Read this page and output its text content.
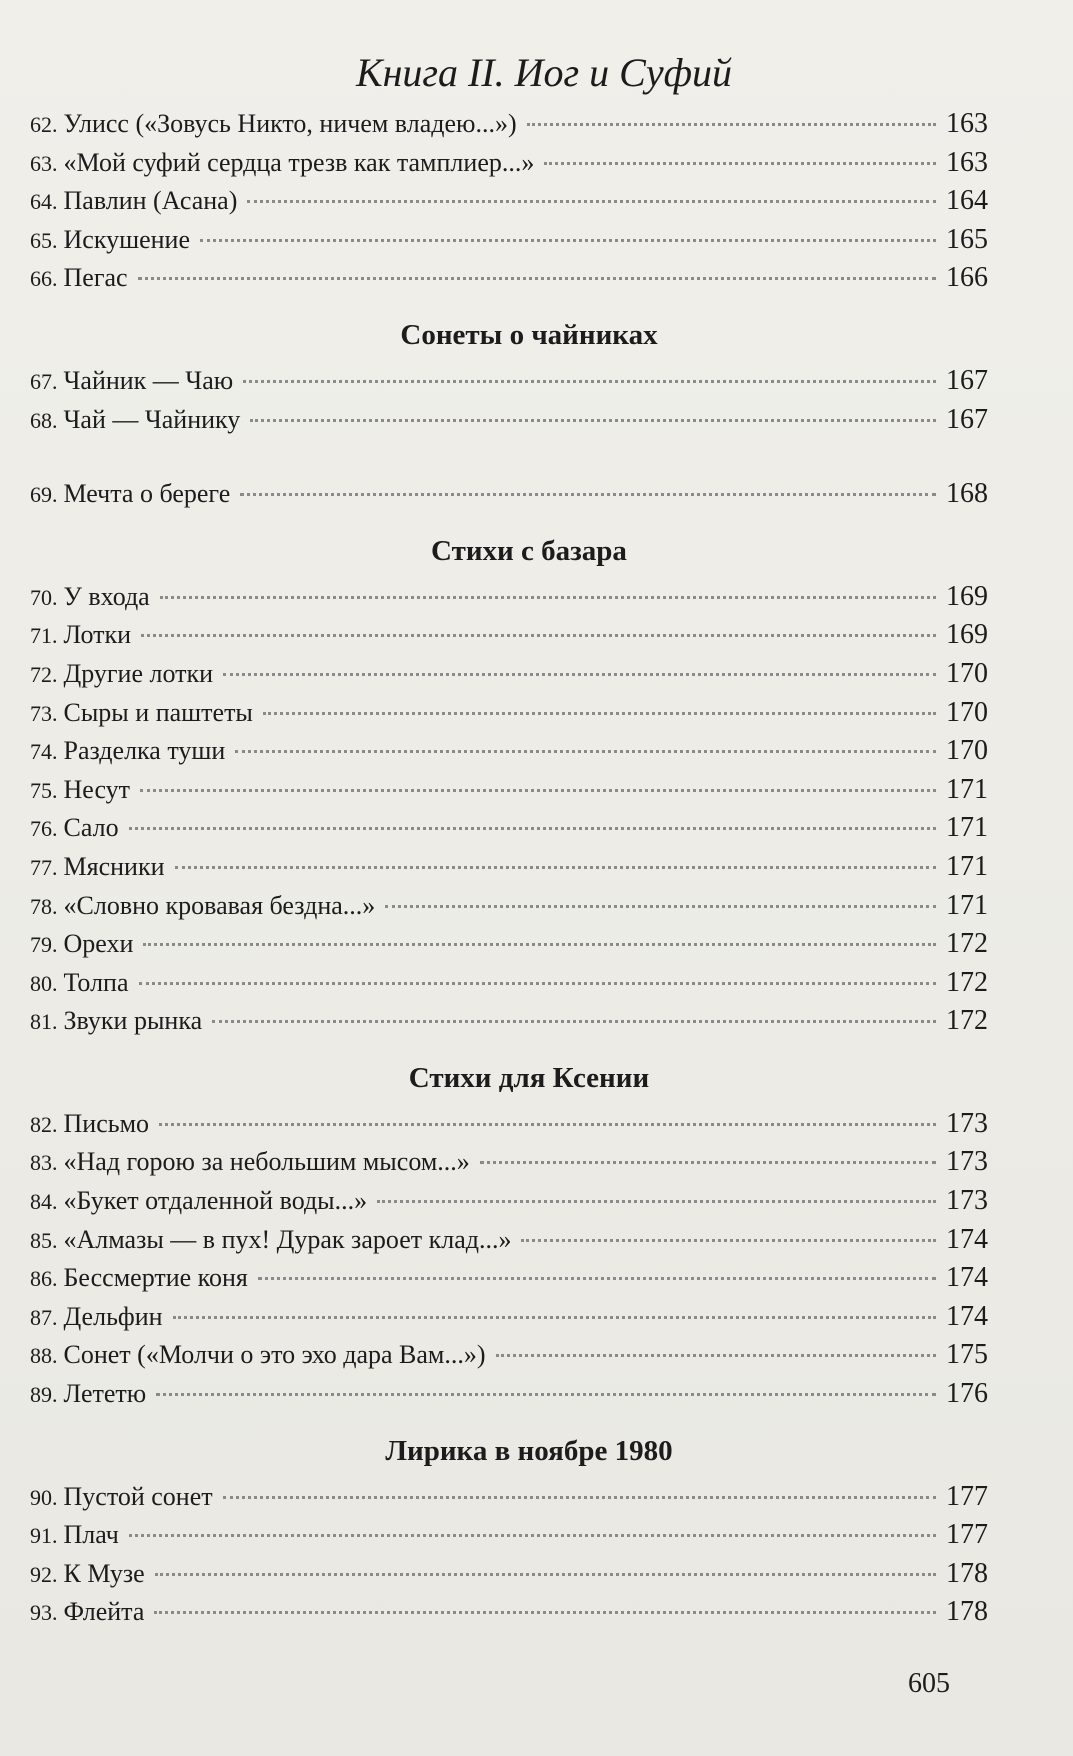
Книга II. Иог и Суфий
62. Улисс («Зовусь Никто, ничем владею...»)	163
63. «Мой суфий сердца трезв как тамплиер...»	163
64. Павлин (Асана)	164
65. Искушение	165
66. Пегас	166
Сонеты о чайниках
67. Чайник — Чаю	167
68. Чай — Чайнику	167
69. Мечта о береге	168
Стихи с базара
70. У входа	169
71. Лотки	169
72. Другие лотки	170
73. Сыры и паштеты	170
74. Разделка туши	170
75. Несут	171
76. Сало	171
77. Мясники	171
78. «Словно кровавая бездна...»	171
79. Орехи	172
80. Толпа	172
81. Звуки рынка	172
Стихи для Ксении
82. Письмо	173
83. «Над горою за небольшим мысом...»	173
84. «Букет отдаленной воды...»	173
85. «Алмазы — в пух! Дурак зароет клад...»	174
86. Бессмертие коня	174
87. Дельфин	174
88. Сонет («Молчи о это эхо дара Вам...»)	175
89. Лететю	176
Лирика в ноябре 1980
90. Пустой сонет	177
91. Плач	177
92. К Музе	178
93. Флейта	178
605
